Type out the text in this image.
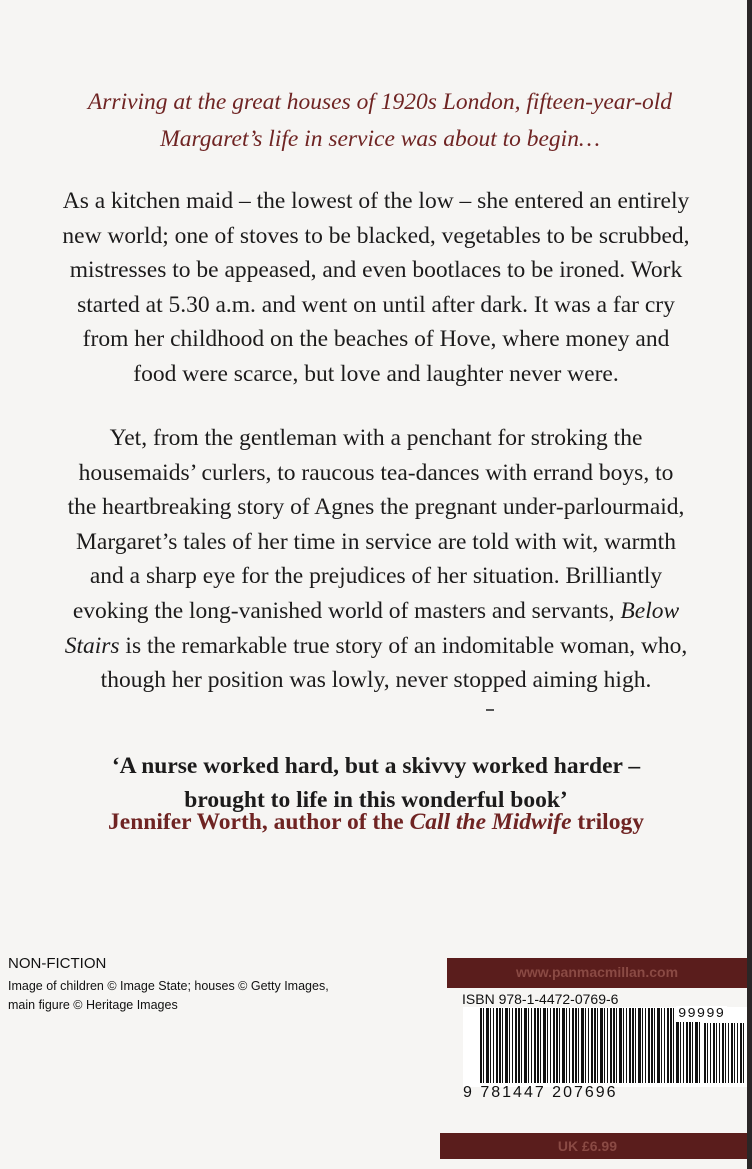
Arriving at the great houses of 1920s London, fifteen-year-old
Margaret’s life in service was about to begin…
As a kitchen maid – the lowest of the low – she entered an entirely
new world; one of stoves to be blacked, vegetables to be scrubbed,
mistresses to be appeased, and even bootlaces to be ironed. Work
started at 5.30 a.m. and went on until after dark. It was a far cry
from her childhood on the beaches of Hove, where money and
food were scarce, but love and laughter never were.
Yet, from the gentleman with a penchant for stroking the
housemaids’ curlers, to raucous tea-dances with errand boys, to
the heartbreaking story of Agnes the pregnant under-parlourmaid,
Margaret’s tales of her time in service are told with wit, warmth
and a sharp eye for the prejudices of her situation. Brilliantly
evoking the long-vanished world of masters and servants, Below
Stairs is the remarkable true story of an indomitable woman, who,
though her position was lowly, never stopped aiming high.
‘A nurse worked hard, but a skivvy worked harder –
brought to life in this wonderful book’
Jennifer Worth, author of the Call the Midwife trilogy
NON-FICTION
Image of children © Image State; houses © Getty Images, main figure © Heritage Images
www.panmacmillan.com
ISBN 978-1-4472-0769-6
99999
9 781447 207696
UK £6.99
